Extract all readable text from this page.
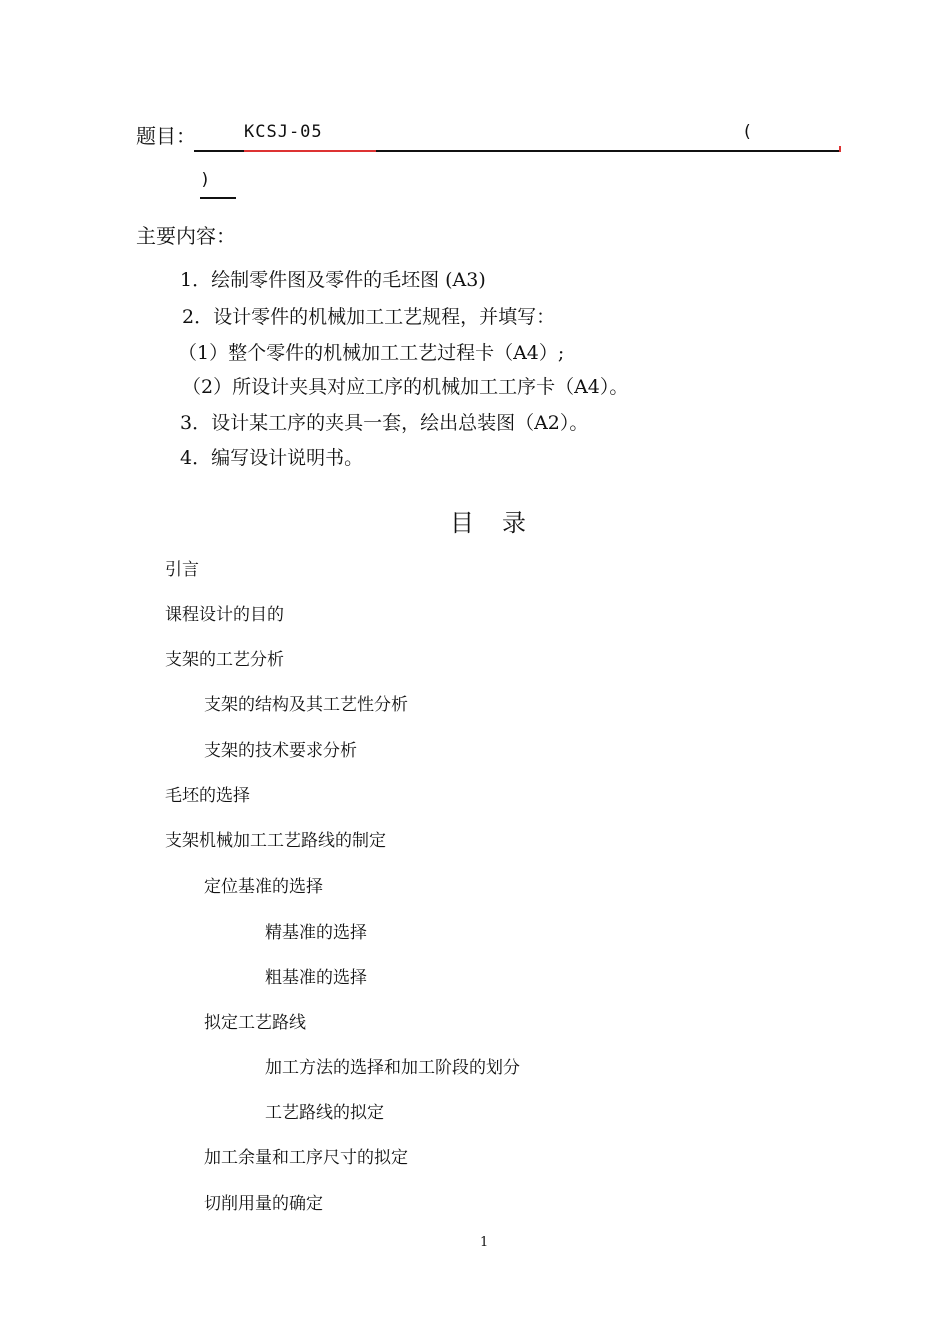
题目：	KCSJ-05	(
)
主要内容：
1．绘制零件图及零件的毛坯图 (A3)
2．设计零件的机械加工工艺规程，并填写：
（1）整个零件的机械加工工艺过程卡（A4）;
（2）所设计夹具对应工序的机械加工工序卡（A4）。
3．设计某工序的夹具一套，绘出总装图（A2）。
4．编写设计说明书。
目录
引言
课程设计的目的
支架的工艺分析
支架的结构及其工艺性分析
支架的技术要求分析
毛坯的选择
支架机械加工工艺路线的制定
定位基准的选择
精基准的选择
粗基准的选择
拟定工艺路线
加工方法的选择和加工阶段的划分
工艺路线的拟定
加工余量和工序尺寸的拟定
切削用量的确定
1
